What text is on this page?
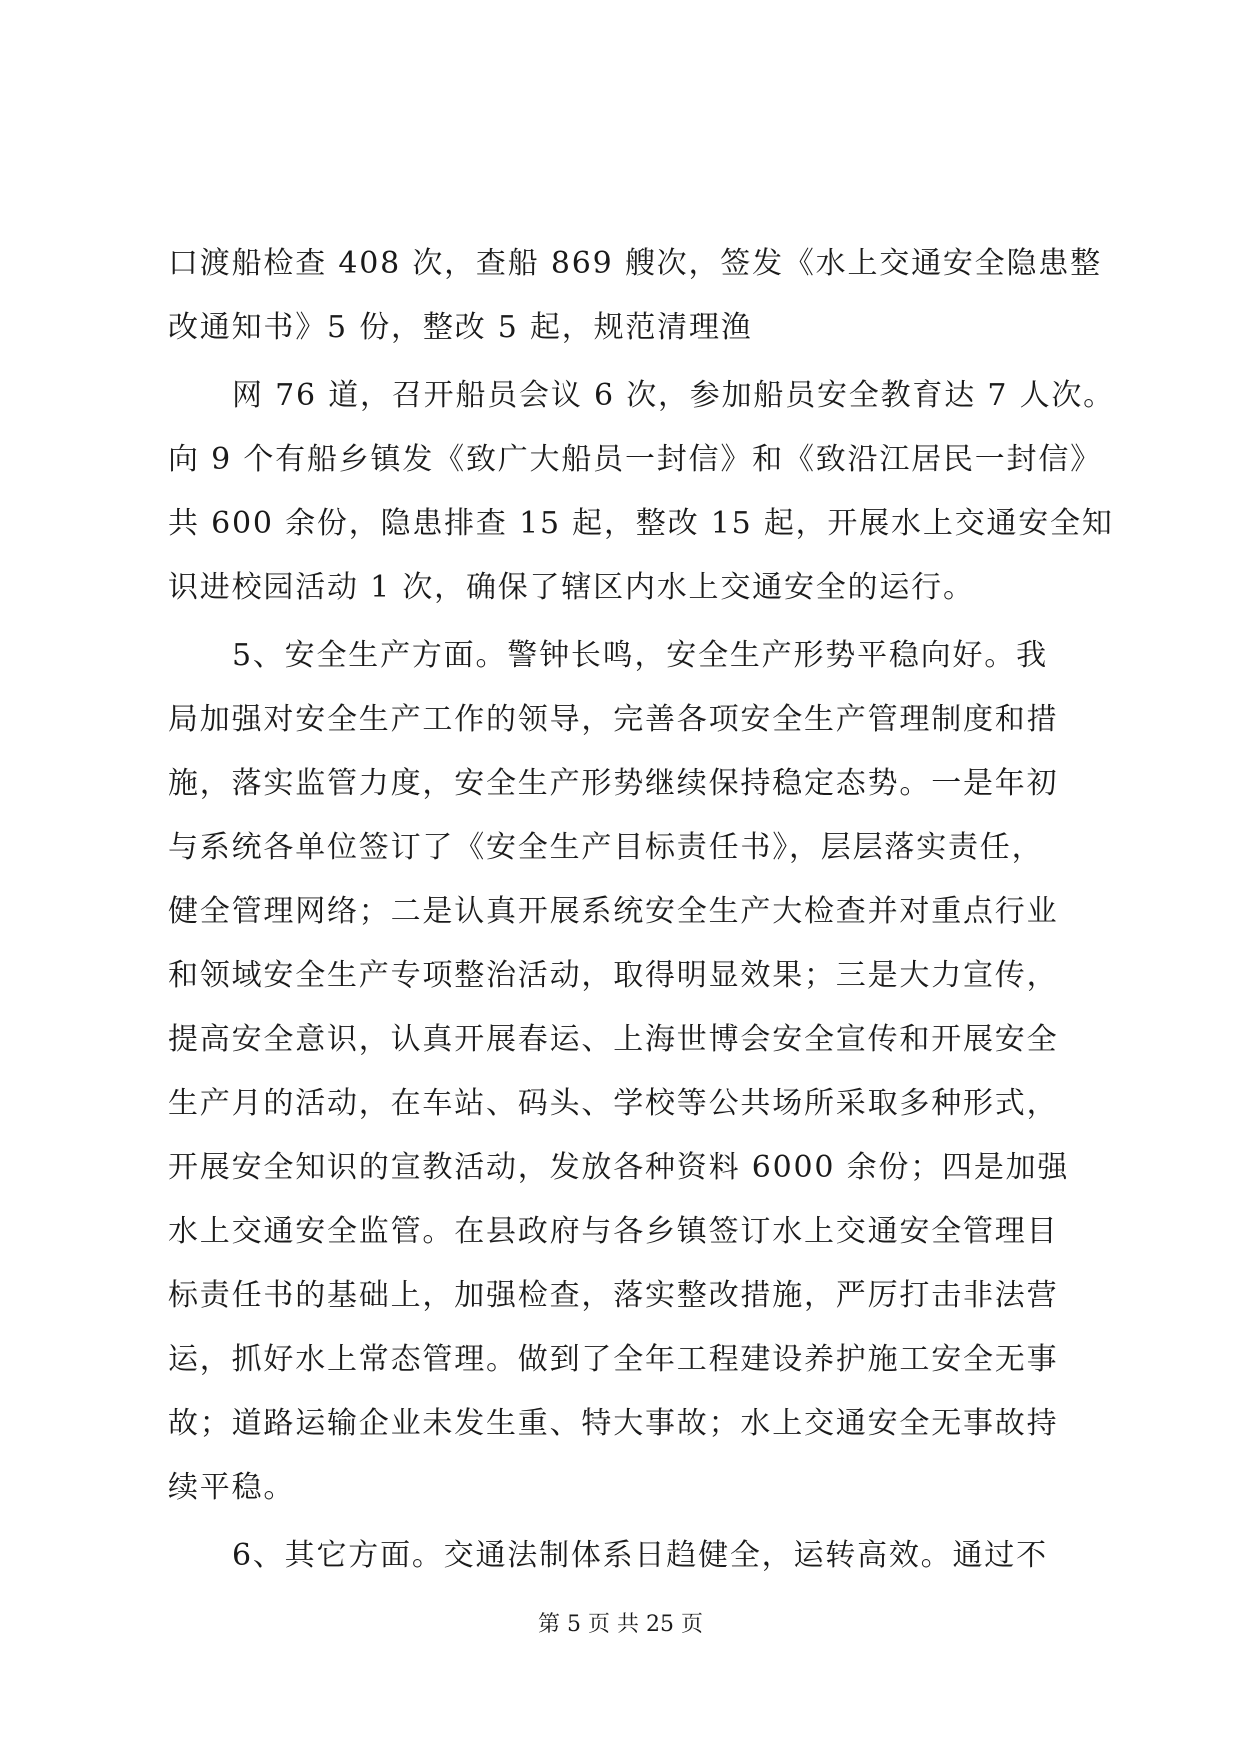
口渡船检查 408 次，查船 869 艘次，签发《水上交通安全隐患整
改通知书》5 份，整改 5 起，规范清理渔
网 76 道，召开船员会议 6 次，参加船员安全教育达 7 人次。
向 9 个有船乡镇发《致广大船员一封信》和《致沿江居民一封信》
共 600 余份，隐患排查 15 起，整改 15 起，开展水上交通安全知
识进校园活动 1 次，确保了辖区内水上交通安全的运行。
5、安全生产方面。警钟长鸣，安全生产形势平稳向好。我
局加强对安全生产工作的领导，完善各项安全生产管理制度和措
施，落实监管力度，安全生产形势继续保持稳定态势。一是年初
与系统各单位签订了《安全生产目标责任书》，层层落实责任，
健全管理网络；二是认真开展系统安全生产大检查并对重点行业
和领域安全生产专项整治活动，取得明显效果；三是大力宣传，
提高安全意识，认真开展春运、上海世博会安全宣传和开展安全
生产月的活动，在车站、码头、学校等公共场所采取多种形式，
开展安全知识的宣教活动，发放各种资料 6000 余份；四是加强
水上交通安全监管。在县政府与各乡镇签订水上交通安全管理目
标责任书的基础上，加强检查，落实整改措施，严厉打击非法营
运，抓好水上常态管理。做到了全年工程建设养护施工安全无事
故；道路运输企业未发生重、特大事故；水上交通安全无事故持
续平稳。
6、其它方面。交通法制体系日趋健全，运转高效。通过不
第 5 页 共 25 页
